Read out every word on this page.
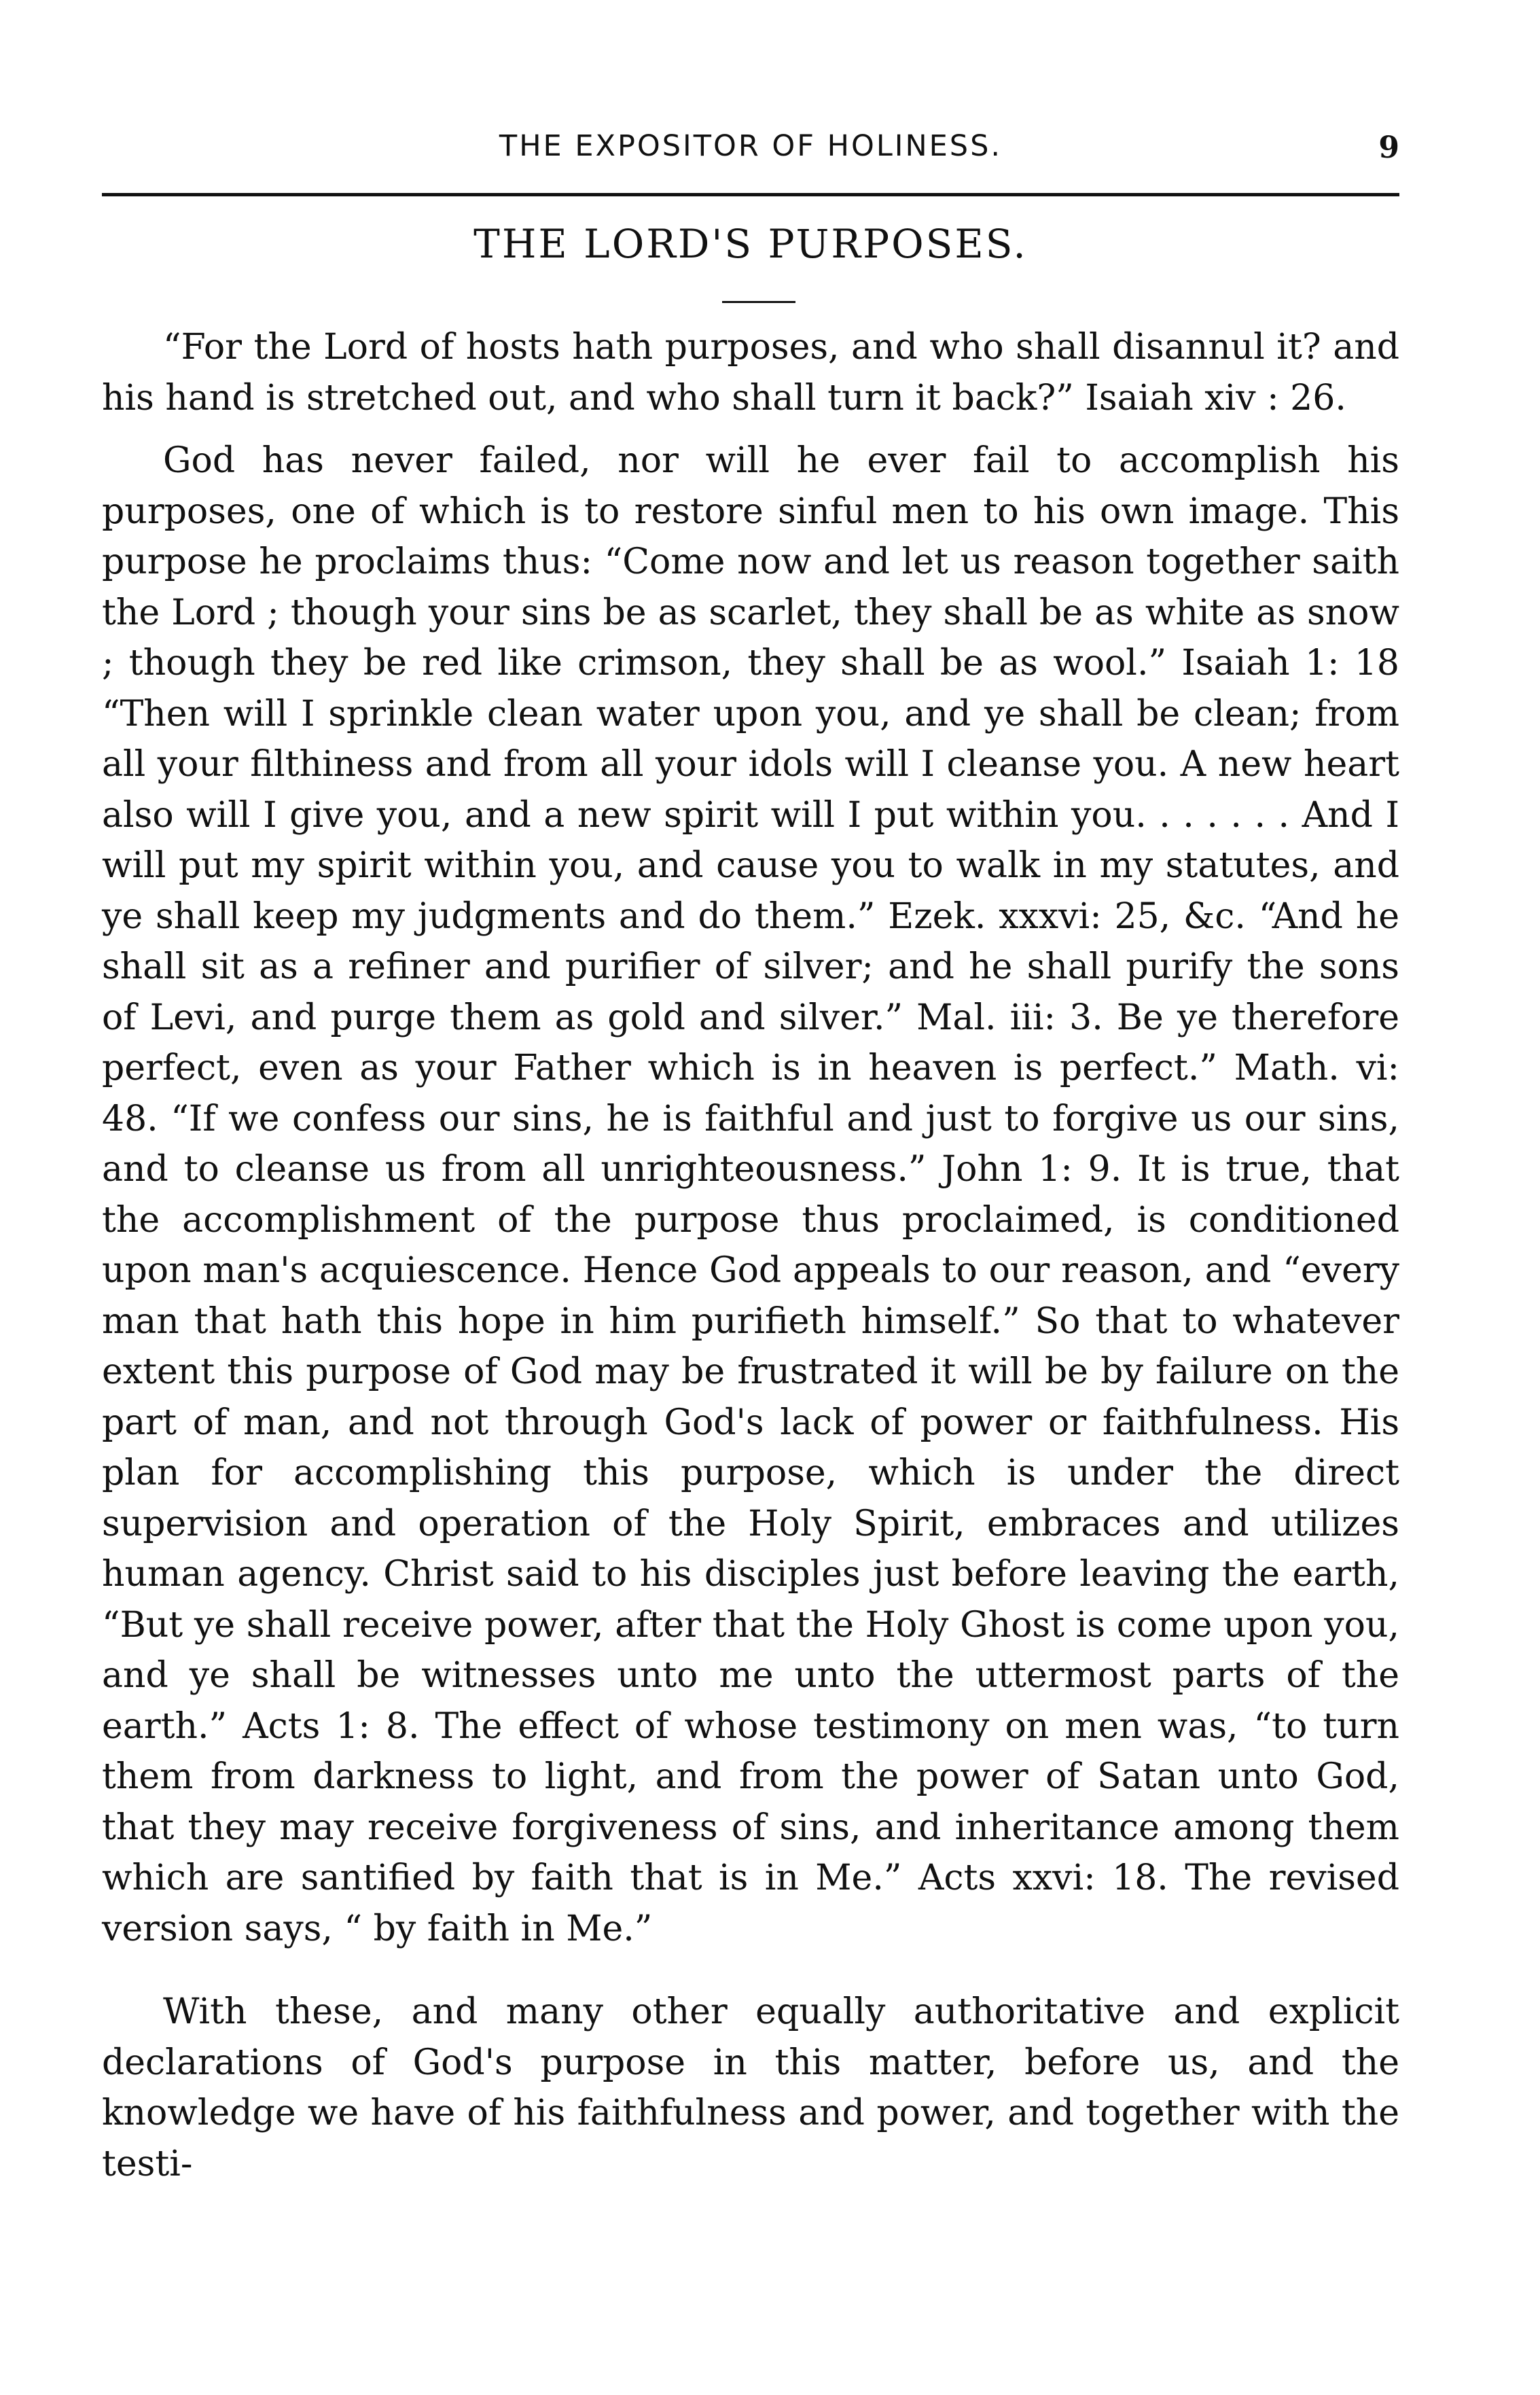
THE EXPOSITOR OF HOLINESS.	9
THE LORD'S PURPOSES.

“For the Lord of hosts hath purposes, and who shall disannul it? and his hand is stretched out, and who shall turn it back?” Isaiah xiv : 26.

God has never failed, nor will he ever fail to accomplish his purposes, one of which is to restore sinful men to his own image. This purpose he proclaims thus: “Come now and let us reason together saith the Lord ; though your sins be as scarlet, they shall be as white as snow ; though they be red like crimson, they shall be as wool.” Isaiah 1: 18 “Then will I sprinkle clean water upon you, and ye shall be clean; from all your filthiness and from all your idols will I cleanse you. A new heart also will I give you, and a new spirit will I put within you. . . . . . . And I will put my spirit within you, and cause you to walk in my statutes, and ye shall keep my judgments and do them.” Ezek. xxxvi: 25, &c. “And he shall sit as a refiner and purifier of silver; and he shall purify the sons of Levi, and purge them as gold and silver.” Mal. iii: 3. Be ye therefore perfect, even as your Father which is in heaven is perfect.” Math. vi: 48. “If we confess our sins, he is faithful and just to forgive us our sins, and to cleanse us from all unrighteousness.” John 1: 9. It is true, that the accomplishment of the purpose thus proclaimed, is conditioned upon man's acquiescence. Hence God appeals to our reason, and “every man that hath this hope in him purifieth himself.” So that to whatever extent this purpose of God may be frustrated it will be by failure on the part of man, and not through God's lack of power or faithfulness. His plan for accomplishing this purpose, which is under the direct supervision and operation of the Holy Spirit, embraces and utilizes human agency. Christ said to his disciples just before leaving the earth, “But ye shall receive power, after that the Holy Ghost is come upon you, and ye shall be witnesses unto me unto the uttermost parts of the earth.” Acts 1: 8. The effect of whose testimony on men was, “to turn them from darkness to light, and from the power of Satan unto God, that they may receive forgiveness of sins, and inheritance among them which are santified by faith that is in Me.” Acts xxvi: 18. The revised version says, “ by faith in Me.”

With these, and many other equally authoritative and explicit declarations of God's purpose in this matter, before us, and the knowledge we have of his faithfulness and power, and together with the testi-
